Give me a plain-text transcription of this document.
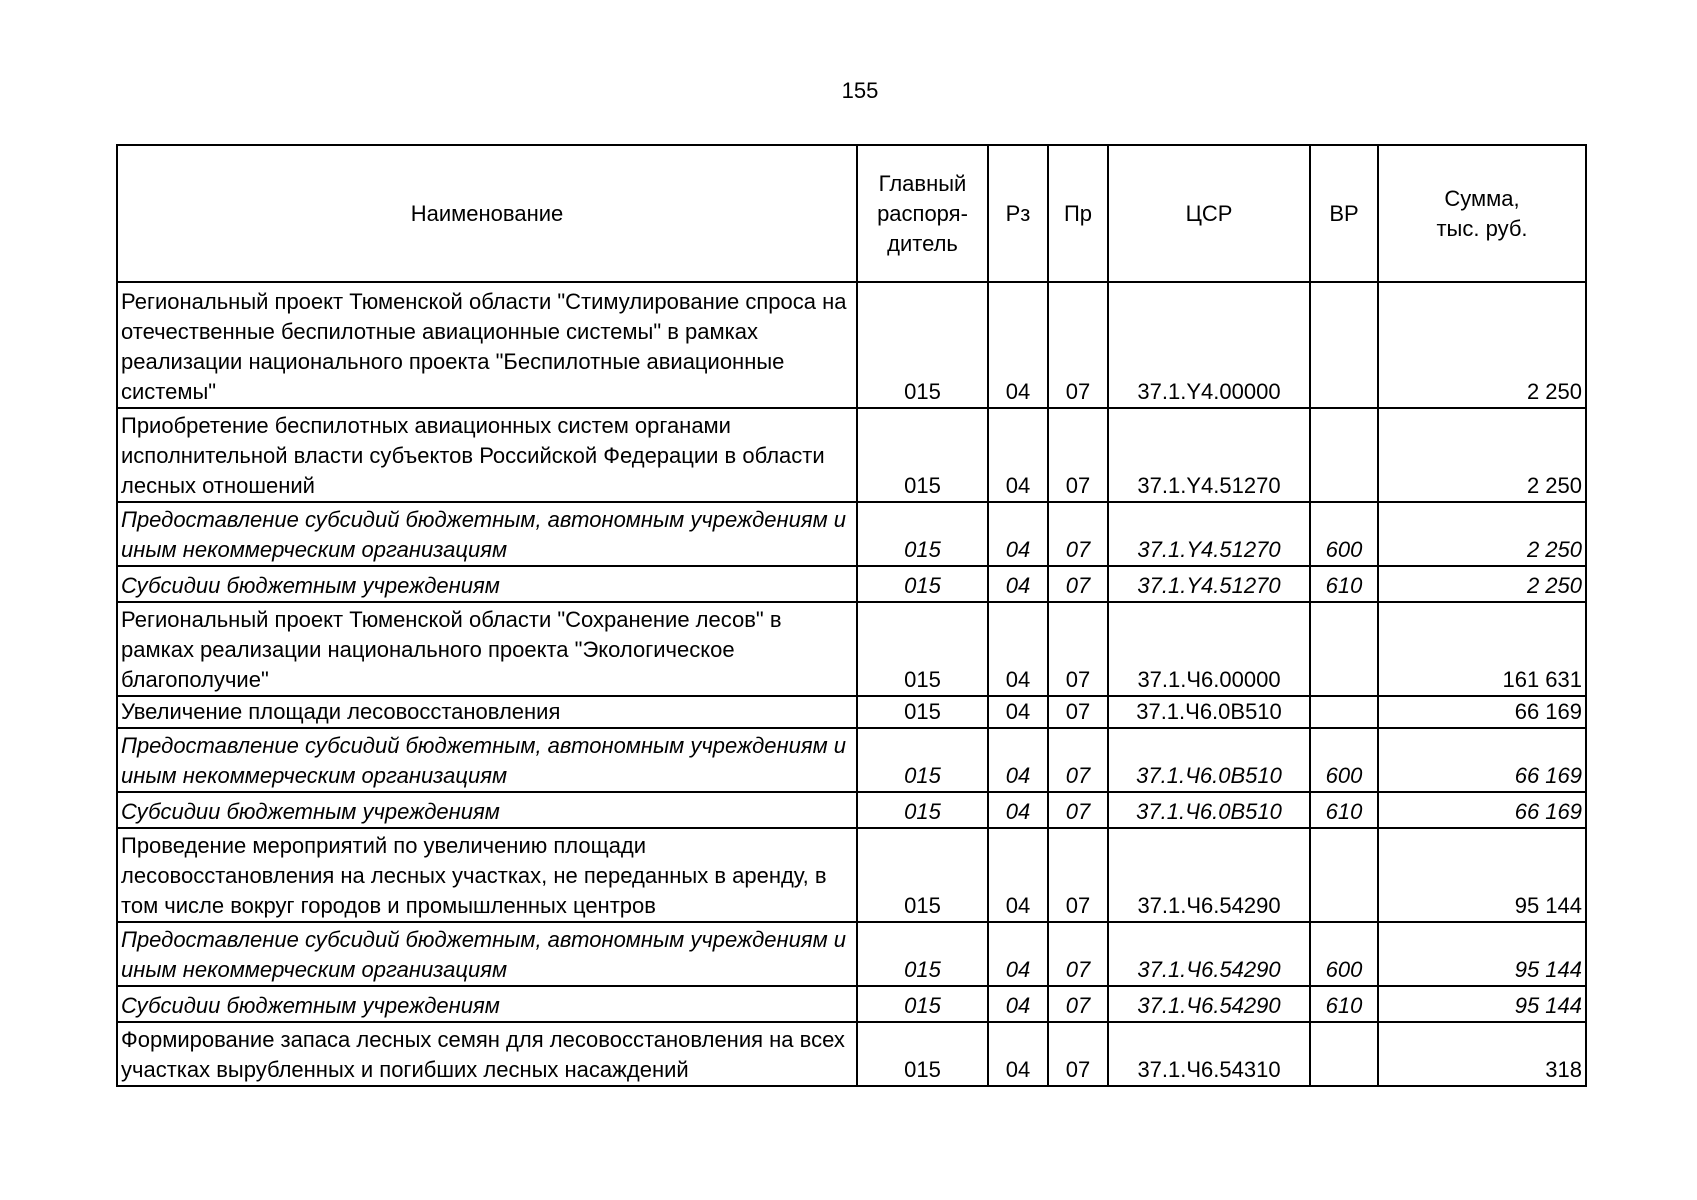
155
Наименование	Главный распоря-дитель	Рз	Пр	ЦСР	ВР	Сумма, тыс. руб.
Региональный проект Тюменской области "Стимулирование спроса на отечественные беспилотные авиационные системы" в рамках реализации национального проекта "Беспилотные авиационные системы"	015	04	07	37.1.Y4.00000		2 250
Приобретение беспилотных авиационных систем органами исполнительной власти субъектов Российской Федерации в области лесных отношений	015	04	07	37.1.Y4.51270		2 250
Предоставление субсидий бюджетным, автономным учреждениям и иным некоммерческим организациям	015	04	07	37.1.Y4.51270	600	2 250
Субсидии бюджетным учреждениям	015	04	07	37.1.Y4.51270	610	2 250
Региональный проект Тюменской области "Сохранение лесов" в рамках реализации национального проекта "Экологическое благополучие"	015	04	07	37.1.Ч6.00000		161 631
Увеличение площади лесовосстановления	015	04	07	37.1.Ч6.0В510		66 169
Предоставление субсидий бюджетным, автономным учреждениям и иным некоммерческим организациям	015	04	07	37.1.Ч6.0В510	600	66 169
Субсидии бюджетным учреждениям	015	04	07	37.1.Ч6.0В510	610	66 169
Проведение мероприятий по увеличению площади лесовосстановления на лесных участках, не переданных в аренду, в том числе вокруг городов и промышленных центров	015	04	07	37.1.Ч6.54290		95 144
Предоставление субсидий бюджетным, автономным учреждениям и иным некоммерческим организациям	015	04	07	37.1.Ч6.54290	600	95 144
Субсидии бюджетным учреждениям	015	04	07	37.1.Ч6.54290	610	95 144
Формирование запаса лесных семян для лесовосстановления на всех участках вырубленных и погибших лесных насаждений	015	04	07	37.1.Ч6.54310		318
